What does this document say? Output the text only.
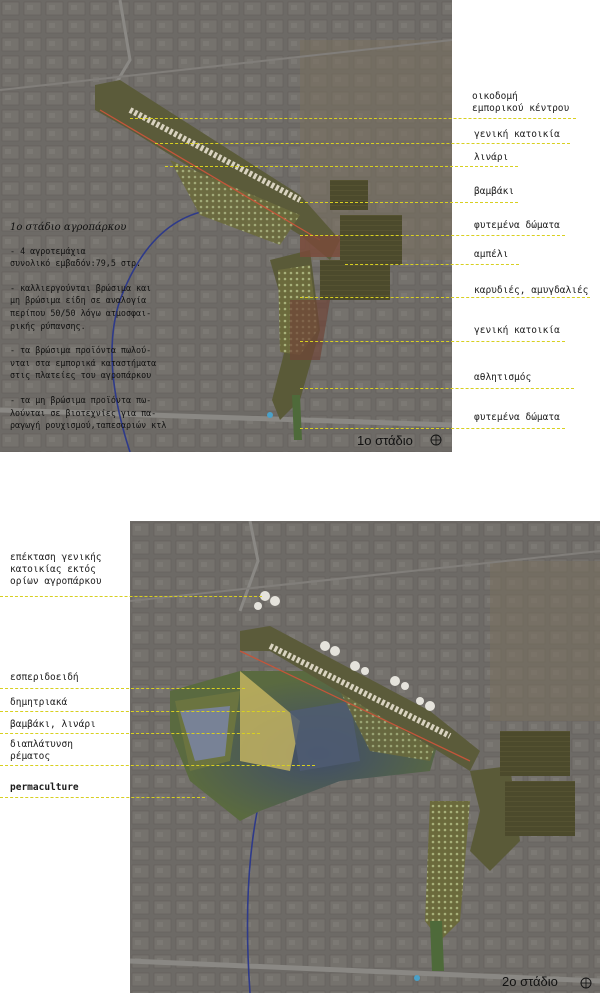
1ο στάδιο
1ο στάδιο αγροπάρκου
- 4 αγροτεμάχια
συνολικό εμβαδόν:79,5 στρ.
- καλλιεργούνται βρώσιμα και
μη βρώσιμα είδη σε αναλογία
περίπου 50/50 λόγω ατμοσφαι-
ρικής ρύπανσης.
- τα βρώσιμα προϊόντα πωλού-
νται στα εμπορικά καταστήματα
στις πλατείες του αγροπάρκου
- τα μη βρώσιμα προϊόντα πω-
λούνται σε βιοτεχνίες για πα-
ραγωγή ρουχισμού,ταπεσαριών κτλ
οικοδομή
εμπορικού κέντρου
γενική κατοικία
λινάρι
βαμβάκι
φυτεμένα δώματα
αμπέλι
καρυδιές, αμυγδαλιές
γενική κατοικία
αθλητισμός
φυτεμένα δώματα
2ο στάδιο
επέκταση γενικής
κατοικίας εκτός
ορίων αγροπάρκου
εσπεριδοειδή
δημητριακά
βαμβάκι, λινάρι
διαπλάτυνση
ρέματος
permaculture
